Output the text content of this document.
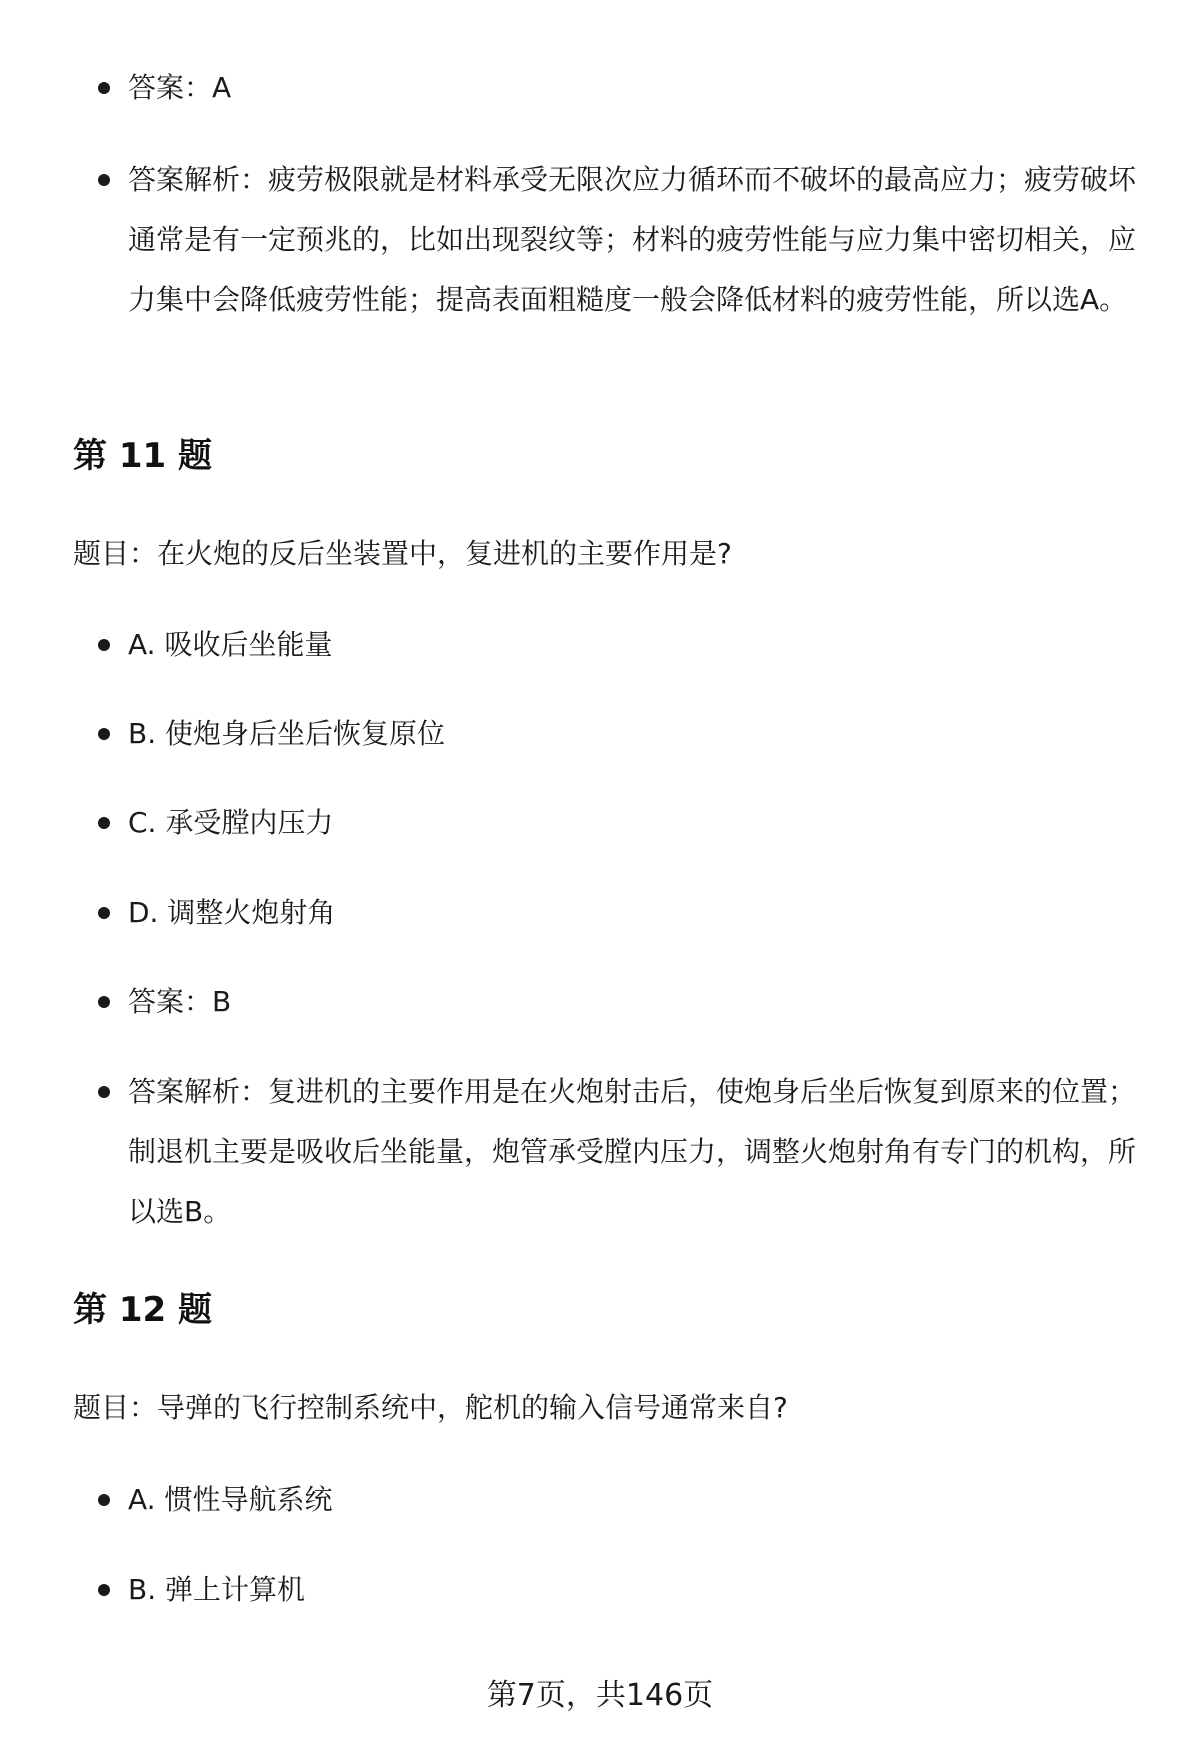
答案：A
答案解析：疲劳极限就是材料承受无限次应力循环而不破坏的最高应力；疲劳破坏通常是有一定预兆的，比如出现裂纹等；材料的疲劳性能与应力集中密切相关，应力集中会降低疲劳性能；提高表面粗糙度一般会降低材料的疲劳性能，所以选A。
第 11 题
题目：在火炮的反后坐装置中，复进机的主要作用是?
A. 吸收后坐能量
B. 使炮身后坐后恢复原位
C. 承受膛内压力
D. 调整火炮射角
答案：B
答案解析：复进机的主要作用是在火炮射击后，使炮身后坐后恢复到原来的位置；制退机主要是吸收后坐能量，炮管承受膛内压力，调整火炮射角有专门的机构，所以选B。
第 12 题
题目：导弹的飞行控制系统中，舵机的输入信号通常来自?
A. 惯性导航系统
B. 弹上计算机
第7页，共146页
